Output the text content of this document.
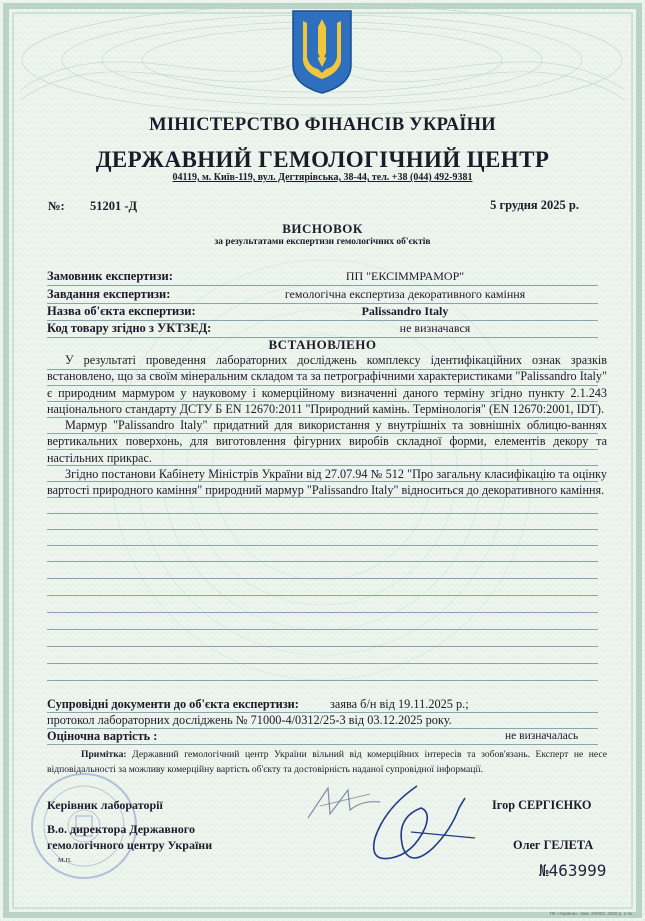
МІНІСТЕРСТВО ФІНАНСІВ УКРАЇНИ
ДЕРЖАВНИЙ ГЕМОЛОГІЧНИЙ ЦЕНТР
04119, м. Київ-119, вул. Дегтярівська, 38-44, тел. +38 (044) 492-9381
№: 51201 -Д	5 грудня 2025 р.
ВИСНОВОК
за результатами експертизи гемологічних об'єктів
Замовник експертизи:	ПП "ЕКСІММРАМОР"
Завдання експертизи:	гемологічна експертиза декоративного каміння
Назва об'єкта експертизи:	Palissandro Italy
Код товару згідно з УКТЗЕД:	не визначався
ВСТАНОВЛЕНО

У результаті проведення лабораторних досліджень комплексу ідентифікаційних ознак зразків встановлено, що за своїм мінеральним складом та за петрографічними характеристиками "Palissandro Italy" є природним мармуром у науковому і комерційному визначенні даного терміну згідно пункту 2.1.243 національного стандарту ДСТУ Б EN 12670:2011 "Природний камінь. Термінологія" (EN 12670:2001, IDT).

Мармур "Palissandro Italy" придатний для використання у внутрішніх та зовнішніх облицю-ваннях вертикальних поверхонь, для виготовлення фігурних виробів складної форми, елементів декору та настільних прикрас.

Згідно постанови Кабінету Міністрів України від 27.07.94 № 512 "Про загальну класифікацію та оцінку вартості природного каміння" природний мармур "Palissandro Italy" відноситься до декоративного каміння.

Супровідні документи до об'єкта експертизи:	заява б/н від 19.11.2025 р.;
протокол лабораторних досліджень № 71000-4/0312/25-3 від 03.12.2025 року.
Оціночна вартість :	не визначалась
Примітка: Державний гемологічний центр України вільний від комерційних інтересів та зобов'язань. Експерт не несе відповідальності за можливу комерційну вартість об'єкту та достовірність наданої супровідної інформації.
Керівник лабораторії
В.о. директора Державного
гемологічного центру України
М.П.
Ігор СЕРГІЄНКО
Олег ГЕЛЕТА
№463999
ПК «Україна». Зам. 20/803. 2020 р. 1 пк.
